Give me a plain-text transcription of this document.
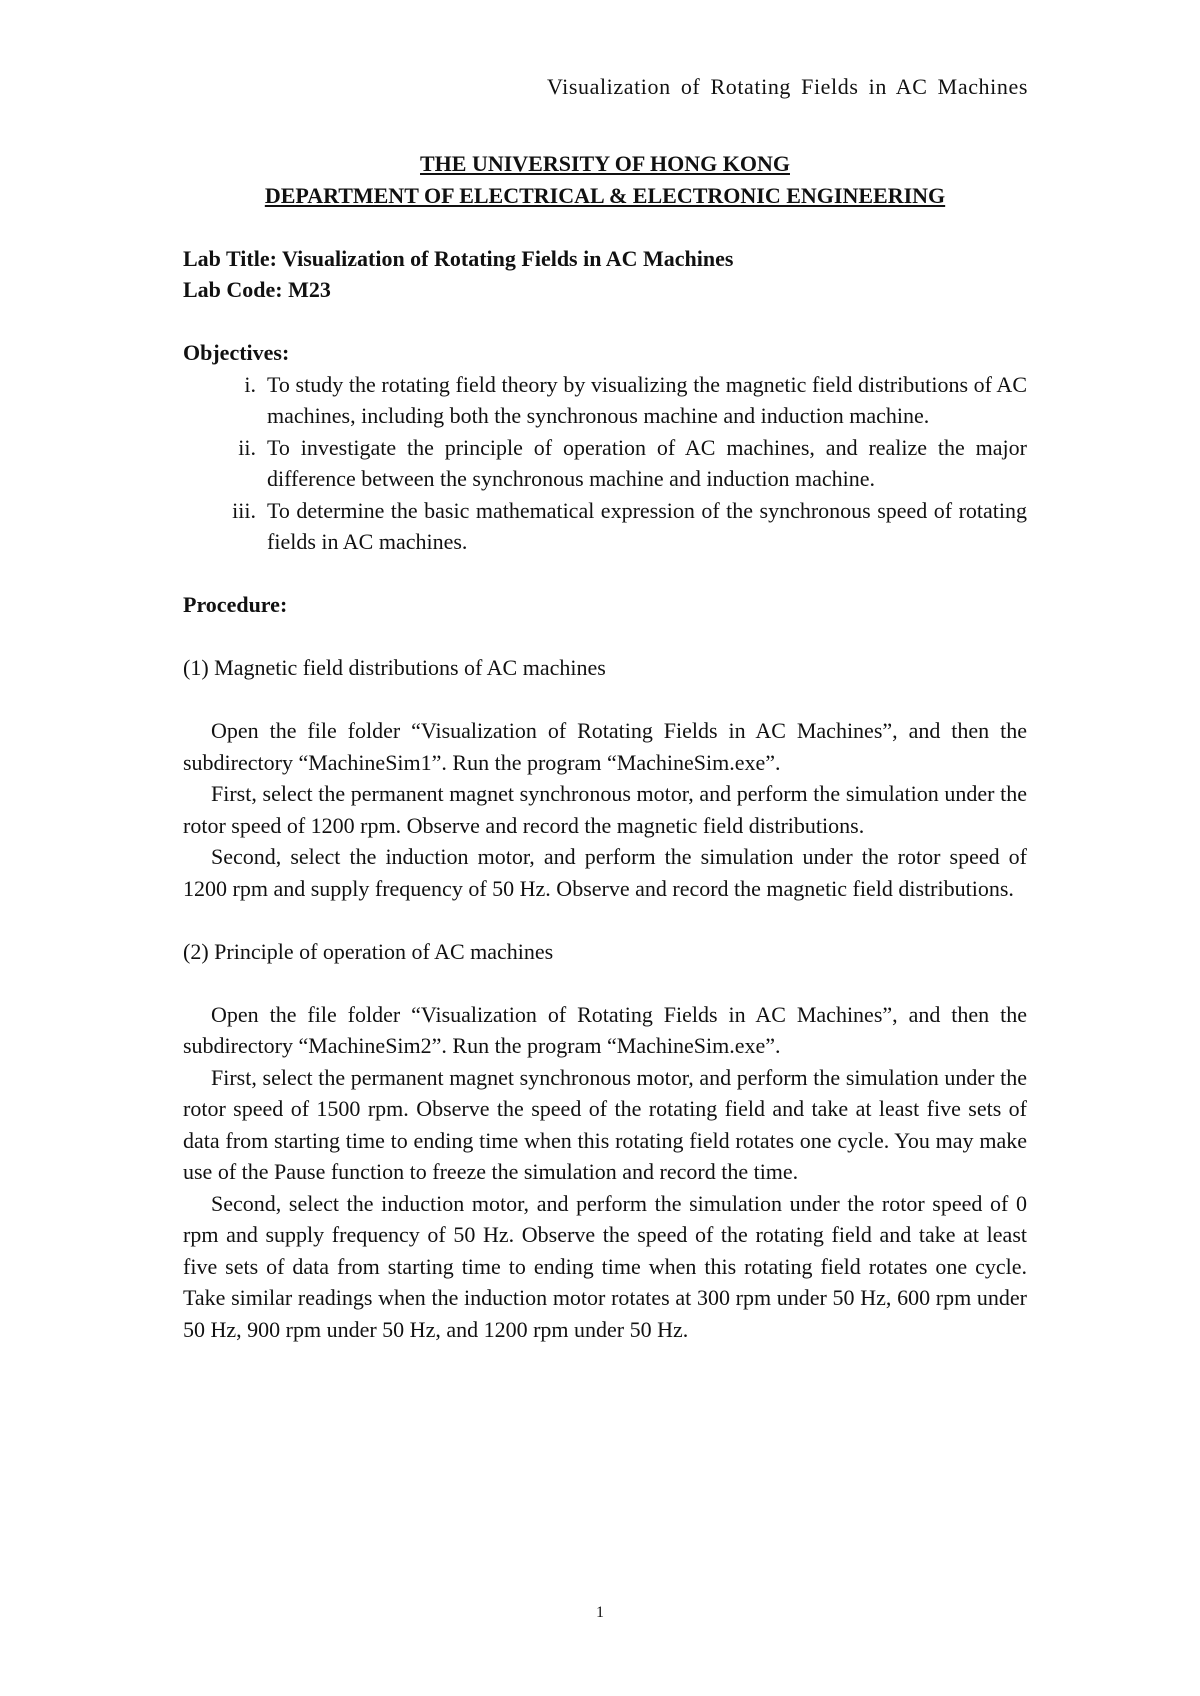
Visualization of Rotating Fields in AC Machines
THE UNIVERSITY OF HONG KONG
DEPARTMENT OF ELECTRICAL & ELECTRONIC ENGINEERING
Lab Title: Visualization of Rotating Fields in AC Machines
Lab Code: M23
Objectives:
i. To study the rotating field theory by visualizing the magnetic field distributions of AC machines, including both the synchronous machine and induction machine.
ii. To investigate the principle of operation of AC machines, and realize the major difference between the synchronous machine and induction machine.
iii. To determine the basic mathematical expression of the synchronous speed of rotating fields in AC machines.
Procedure:
(1) Magnetic field distributions of AC machines

Open the file folder “Visualization of Rotating Fields in AC Machines”, and then the subdirectory “MachineSim1”. Run the program “MachineSim.exe”.

First, select the permanent magnet synchronous motor, and perform the simulation under the rotor speed of 1200 rpm. Observe and record the magnetic field distributions.

Second, select the induction motor, and perform the simulation under the rotor speed of 1200 rpm and supply frequency of 50 Hz. Observe and record the magnetic field distributions.

(2) Principle of operation of AC machines

Open the file folder “Visualization of Rotating Fields in AC Machines”, and then the subdirectory “MachineSim2”. Run the program “MachineSim.exe”.

First, select the permanent magnet synchronous motor, and perform the simulation under the rotor speed of 1500 rpm. Observe the speed of the rotating field and take at least five sets of data from starting time to ending time when this rotating field rotates one cycle. You may make use of the Pause function to freeze the simulation and record the time.

Second, select the induction motor, and perform the simulation under the rotor speed of 0 rpm and supply frequency of 50 Hz. Observe the speed of the rotating field and take at least five sets of data from starting time to ending time when this rotating field rotates one cycle. Take similar readings when the induction motor rotates at 300 rpm under 50 Hz, 600 rpm under 50 Hz, 900 rpm under 50 Hz, and 1200 rpm under 50 Hz.

1
